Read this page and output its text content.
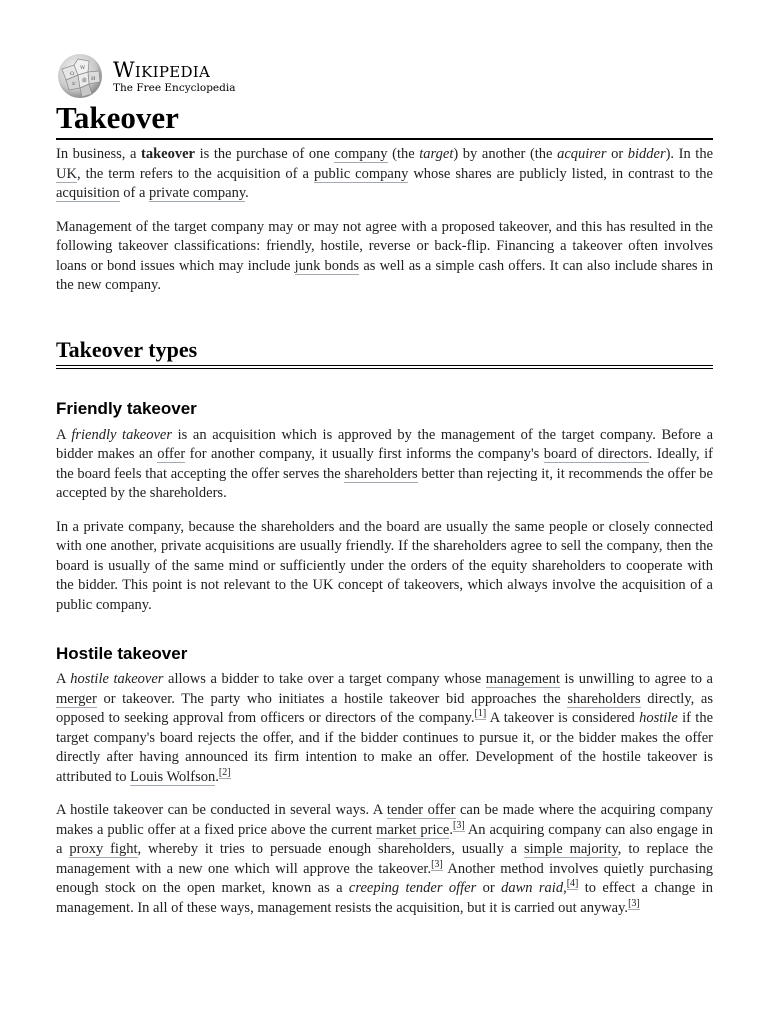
Ω
W
И
ש 維 Wikipedia
The Free Encyclopedia
Takeover

In business, a takeover is the purchase of one company (the target) by another (the acquirer or bidder). In the UK, the term refers to the acquisition of a public company whose shares are publicly listed, in contrast to the acquisition of a private company.

Management of the target company may or may not agree with a proposed takeover, and this has resulted in the following takeover classifications: friendly, hostile, reverse or back-flip. Financing a takeover often involves loans or bond issues which may include junk bonds as well as a simple cash offers. It can also include shares in the new company.

Takeover types
Friendly takeover

A friendly takeover is an acquisition which is approved by the management of the target company. Before a bidder makes an offer for another company, it usually first informs the company's board of directors. Ideally, if the board feels that accepting the offer serves the shareholders better than rejecting it, it recommends the offer be accepted by the shareholders.

In a private company, because the shareholders and the board are usually the same people or closely connected with one another, private acquisitions are usually friendly. If the shareholders agree to sell the company, then the board is usually of the same mind or sufficiently under the orders of the equity shareholders to cooperate with the bidder. This point is not relevant to the UK concept of takeovers, which always involve the acquisition of a public company.

Hostile takeover

A hostile takeover allows a bidder to take over a target company whose management is unwilling to agree to a merger or takeover. The party who initiates a hostile takeover bid approaches the shareholders directly, as opposed to seeking approval from officers or directors of the company.[1] A takeover is considered hostile if the target company's board rejects the offer, and if the bidder continues to pursue it, or the bidder makes the offer directly after having announced its firm intention to make an offer. Development of the hostile takeover is attributed to Louis Wolfson.[2]

A hostile takeover can be conducted in several ways. A tender offer can be made where the acquiring company makes a public offer at a fixed price above the current market price.[3] An acquiring company can also engage in a proxy fight, whereby it tries to persuade enough shareholders, usually a simple majority, to replace the management with a new one which will approve the takeover.[3] Another method involves quietly purchasing enough stock on the open market, known as a creeping tender offer or dawn raid,[4] to effect a change in management. In all of these ways, management resists the acquisition, but it is carried out anyway.[3]
